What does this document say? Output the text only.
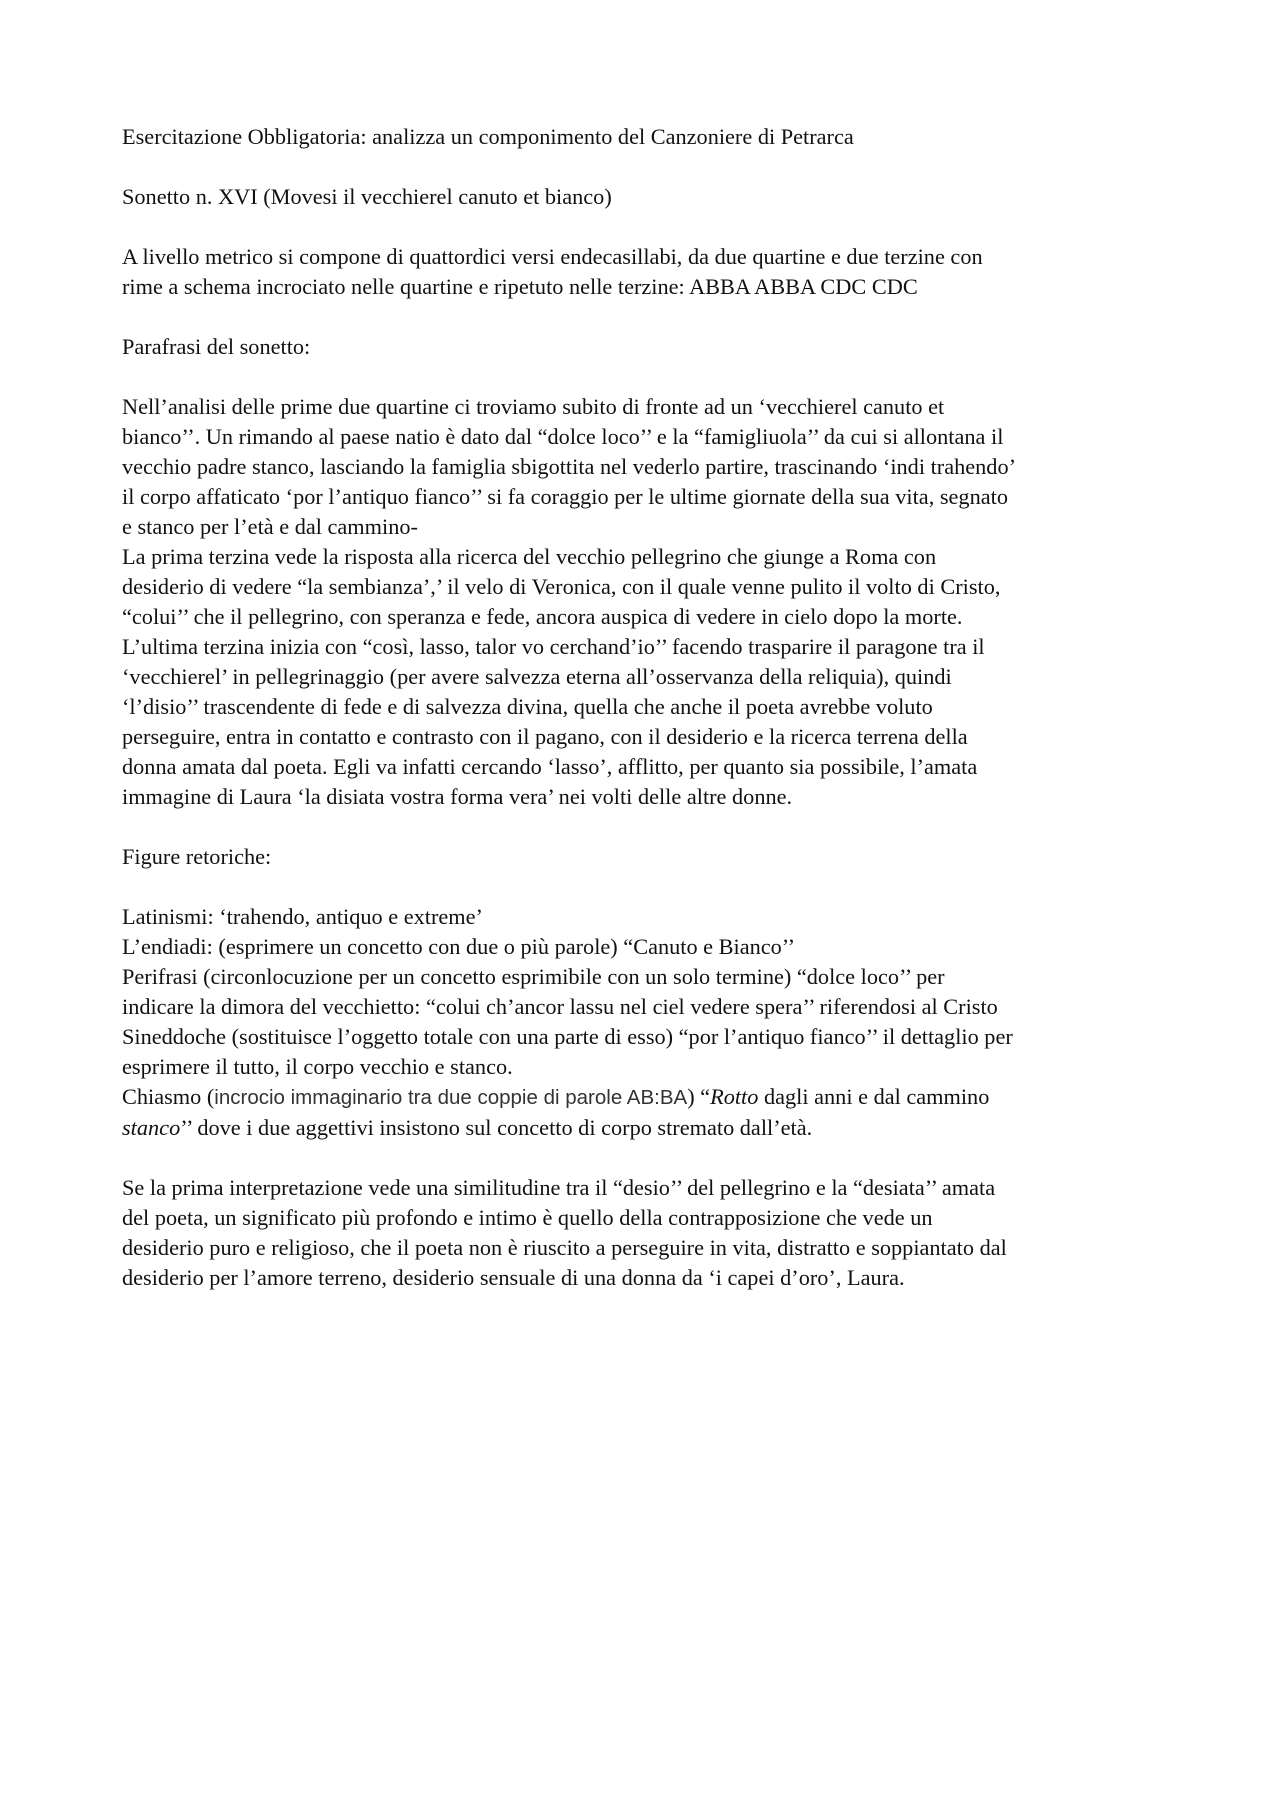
Esercitazione Obbligatoria: analizza un componimento del Canzoniere di Petrarca

Sonetto n. XVI (Movesi il vecchierel canuto et bianco)

A livello metrico si compone di quattordici versi endecasillabi, da due quartine e due terzine con
rime a schema incrociato nelle quartine e ripetuto nelle terzine: ABBA ABBA CDC CDC

Parafrasi del sonetto:

Nell’analisi delle prime due quartine ci troviamo subito di fronte ad un ‘vecchierel canuto et
bianco’’. Un rimando al paese natio è dato dal “dolce loco’’ e la “famigliuola’’ da cui si allontana il
vecchio padre stanco, lasciando la famiglia sbigottita nel vederlo partire, trascinando ‘indi trahendo’
il corpo affaticato ‘por l’antiquo fianco’’ si fa coraggio per le ultime giornate della sua vita, segnato
e stanco per l’età e dal cammino-
La prima terzina vede la risposta alla ricerca del vecchio pellegrino che giunge a Roma con
desiderio di vedere “la sembianza’,’ il velo di Veronica, con il quale venne pulito il volto di Cristo,
“colui’’ che il pellegrino, con speranza e fede, ancora auspica di vedere in cielo dopo la morte.
L’ultima terzina inizia con “così, lasso, talor vo cerchand’io’’ facendo trasparire il paragone tra il
‘vecchierel’ in pellegrinaggio (per avere salvezza eterna all’osservanza della reliquia), quindi
‘l’disio’’ trascendente di fede e di salvezza divina, quella che anche il poeta avrebbe voluto
perseguire, entra in contatto e contrasto con il pagano, con il desiderio e la ricerca terrena della
donna amata dal poeta. Egli va infatti cercando ‘lasso’, afflitto, per quanto sia possibile, l’amata
immagine di Laura ‘la disiata vostra forma vera’ nei volti delle altre donne.

Figure retoriche:

Latinismi: ‘trahendo, antiquo e extreme’
L’endiadi: (esprimere un concetto con due o più parole) “Canuto e Bianco’’
Perifrasi (circonlocuzione per un concetto esprimibile con un solo termine) “dolce loco’’ per
indicare la dimora del vecchietto: “colui ch’ancor lassu nel ciel vedere spera’’ riferendosi al Cristo
Sineddoche (sostituisce l’oggetto totale con una parte di esso) “por l’antiquo fianco’’ il dettaglio per
esprimere il tutto, il corpo vecchio e stanco.
Chiasmo (incrocio immaginario tra due coppie di parole AB:BA) “Rotto dagli anni e dal cammino
stanco’’ dove i due aggettivi insistono sul concetto di corpo stremato dall’età.

Se la prima interpretazione vede una similitudine tra il “desio’’ del pellegrino e la “desiata’’ amata
del poeta, un significato più profondo e intimo è quello della contrapposizione che vede un
desiderio puro e religioso, che il poeta non è riuscito a perseguire in vita, distratto e soppiantato dal
desiderio per l’amore terreno, desiderio sensuale di una donna da ‘i capei d’oro’, Laura.
